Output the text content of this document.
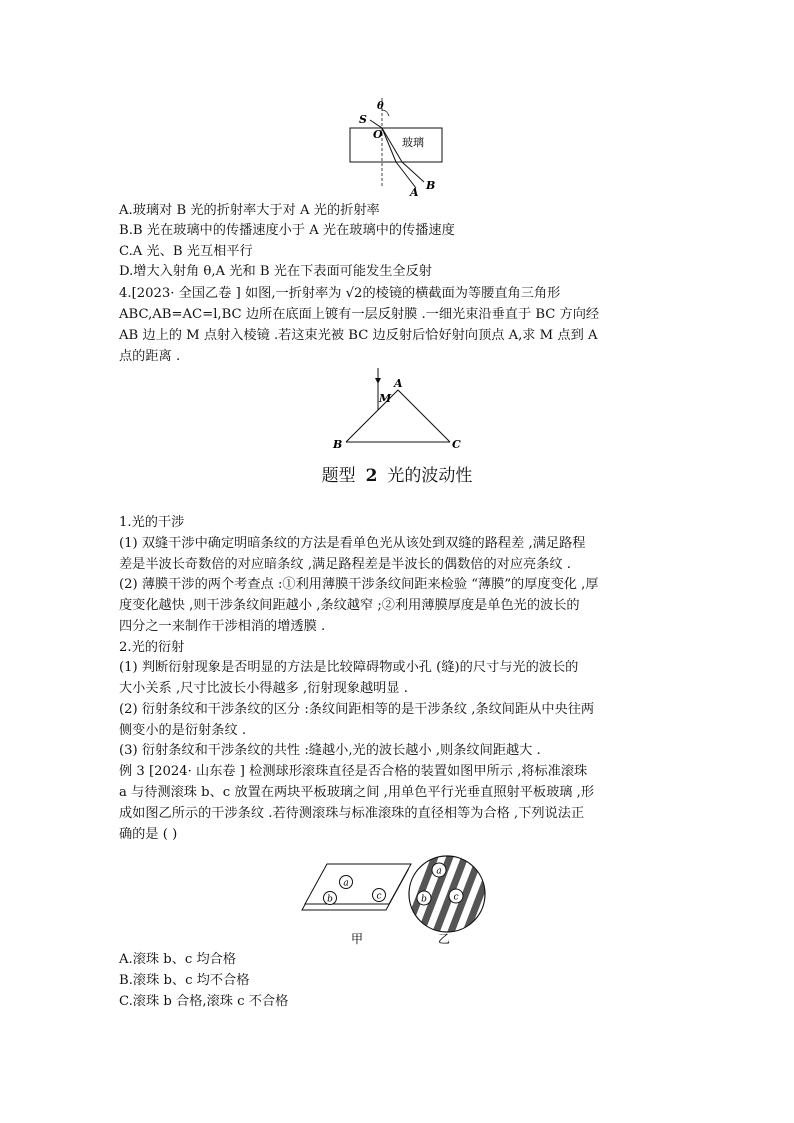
S
θ
O
玻璃
A
B
A.玻璃对 B 光的折射率大于对 A 光的折射率
B.B 光在玻璃中的传播速度小于 A 光在玻璃中的传播速度
C.A 光、B 光互相平行
D.增大入射角 θ,A 光和 B 光在下表面可能发生全反射
4.[2023· 全国乙卷 ] 如图,一折射率为 √2的棱镜的横截面为等腰直角三角形
ABC,AB=AC=l,BC 边所在底面上镀有一层反射膜 .一细光束沿垂直于 BC 方向经
AB 边上的 M 点射入棱镜 .若这束光被 BC 边反射后恰好射向顶点 A,求 M 点到 A
点的距离 .
A
M
B	C
题型 2 光的波动性
1.光的干涉
(1) 双缝干涉中确定明暗条纹的方法是看单色光从该处到双缝的路程差 ,满足路程
差是半波长奇数倍的对应暗条纹 ,满足路程差是半波长的偶数倍的对应亮条纹 .
(2) 薄膜干涉的两个考查点 :①利用薄膜干涉条纹间距来检验 “薄膜”的厚度变化 ,厚
度变化越快 ,则干涉条纹间距越小 ,条纹越窄 ;②利用薄膜厚度是单色光的波长的
四分之一来制作干涉相消的增透膜 .
2.光的衍射
(1) 判断衍射现象是否明显的方法是比较障碍物或小孔 (缝)的尺寸与光的波长的
大小关系 ,尺寸比波长小得越多 ,衍射现象越明显 .
(2) 衍射条纹和干涉条纹的区分 :条纹间距相等的是干涉条纹 ,条纹间距从中央往两
侧变小的是衍射条纹 .
(3) 衍射条纹和干涉条纹的共性 :缝越小,光的波长越小 ,则条纹间距越大 .
例 3 [2024· 山东卷 ] 检测球形滚珠直径是否合格的装置如图甲所示 ,将标准滚珠
a 与待测滚珠 b、c 放置在两块平板玻璃之间 ,用单色平行光垂直照射平板玻璃 ,形
成如图乙所示的干涉条纹 .若待测滚珠与标准滚珠的直径相等为合格 ,下列说法正
确的是 ( )
a
b	c
a
b	c
甲	乙
A.滚珠 b、c 均合格
B.滚珠 b、c 均不合格
C.滚珠 b 合格,滚珠 c 不合格
